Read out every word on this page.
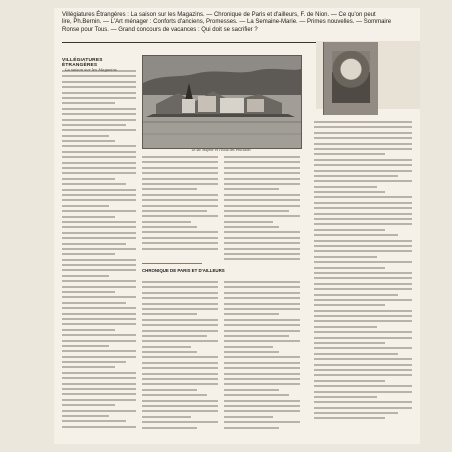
Villégiatures Étrangères : La saison sur les Magazins. — Chronique de Paris et d'ailleurs, F. de Nion. — Ce qu'on peut
lire, Ph.Bernin. — L'Art ménager : Conforts d'anciens, Promesses. — La Semaine-Marie. — Primes nouvelles. — Sommaire
Ronse pour Tous. — Grand concours de vacances : Qui doit se sacrifier ?
VILLÉGIATURES ÉTRANGÈRES
La saison sur les Magasins
Le lac Majeur et l'Isola dei Pescatori
CHRONIQUE DE PARIS ET D'AILLEURS
